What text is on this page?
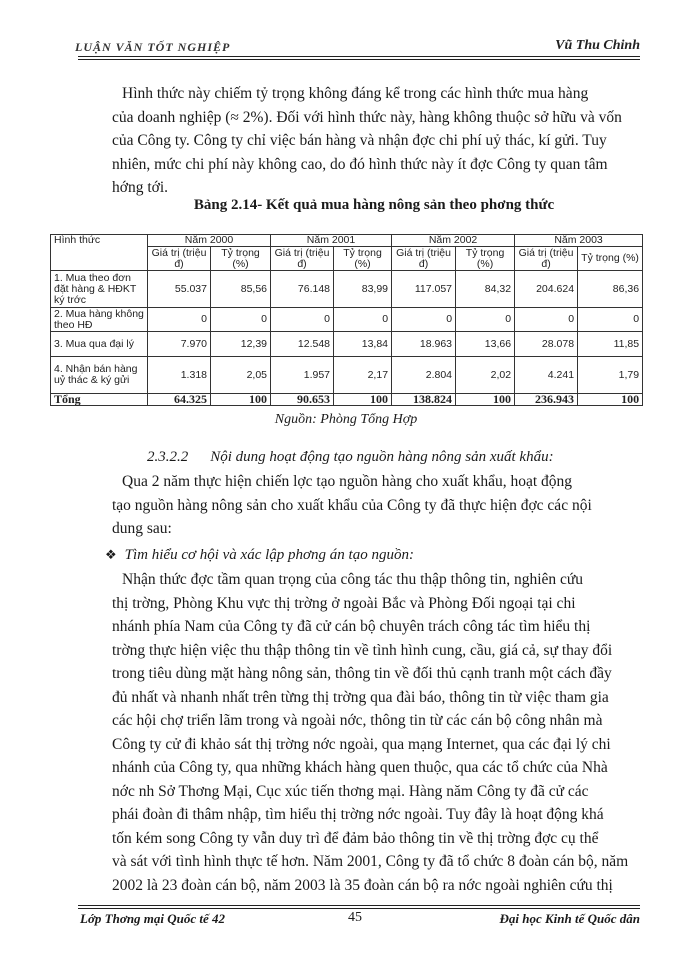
LUẬN VĂN TỐT NGHIỆP	Vũ Thu Chinh
Hình thức này chiếm tỷ trọng không đáng kể trong các hình thức mua hàng
của doanh nghiệp (≈ 2%). Đối với hình thức này, hàng không thuộc sở hữu và vốn
của Công ty. Công ty chỉ việc bán hàng và nhận đợc chi phí uỷ thác, kí gửi. Tuy
nhiên, mức chi phí này không cao, do đó hình thức này ít đợc Công ty quan tâm
hớng tới.
Bảng 2.14- Kết quả mua hàng nông sản theo phơng thức
Hình thức	Năm 2000		Năm 2001		Năm 2002		Năm 2003	
	Giá trị (triệu đ)	Tỷ trọng (%)	Giá trị (triệu đ)	Tỷ trọng (%)	Giá trị (triệu đ)	Tỷ trọng (%)	Giá trị (triệu đ)	Tỷ trọng (%)
1. Mua theo đơn đặt hàng & HĐKT ký trớc	55.037	85,56	76.148	83,99	117.057	84,32	204.624	86,36
2. Mua hàng không theo HĐ	0	0	0	0	0	0	0	0
3. Mua qua đại lý	7.970	12,39	12.548	13,84	18.963	13,66	28.078	11,85
4. Nhận bán hàng uỷ thác & ký gửi	1.318	2,05	1.957	2,17	2.804	2,02	4.241	1,79
Tổng	64.325	100	90.653	100	138.824	100	236.943	100
Nguồn: Phòng Tổng Hợp
2.3.2.2 Nội dung hoạt động tạo nguồn hàng nông sản xuất khẩu:
Qua 2 năm thực hiện chiến lợc tạo nguồn hàng cho xuất khẩu, hoạt động
tạo nguồn hàng nông sản cho xuất khẩu của Công ty đã thực hiện đợc các nội
dung sau:
❖ Tìm hiểu cơ hội và xác lập phơng án tạo nguồn:
Nhận thức đợc tầm quan trọng của công tác thu thập thông tin, nghiên cứu
thị trờng, Phòng Khu vực thị trờng ở ngoài Bắc và Phòng Đối ngoại tại chi
nhánh phía Nam của Công ty đã cử cán bộ chuyên trách công tác tìm hiểu thị
trờng thực hiện việc thu thập thông tin về tình hình cung, cầu, giá cả, sự thay đổi
trong tiêu dùng mặt hàng nông sản, thông tin về đối thủ cạnh tranh một cách đầy
đủ nhất và nhanh nhất trên từng thị trờng qua đài báo, thông tin từ việc tham gia
các hội chợ triển lãm trong và ngoài nớc, thông tin từ các cán bộ công nhân mà
Công ty cử đi khảo sát thị trờng nớc ngoài, qua mạng Internet, qua các đại lý chi
nhánh của Công ty, qua những khách hàng quen thuộc, qua các tổ chức của Nhà
nớc nh Sở Thơng Mại, Cục xúc tiến thơng mại. Hàng năm Công ty đã cử các
phái đoàn đi thâm nhập, tìm hiểu thị trờng nớc ngoài. Tuy đây là hoạt động khá
tốn kém song Công ty vẫn duy trì để đảm bảo thông tin về thị trờng đợc cụ thể
và sát với tình hình thực tế hơn. Năm 2001, Công ty đã tổ chức 8 đoàn cán bộ, năm
2002 là 23 đoàn cán bộ, năm 2003 là 35 đoàn cán bộ ra nớc ngoài nghiên cứu thị
Lớp Thơng mại Quốc tế 42	45	Đại học Kinh tế Quốc dân
